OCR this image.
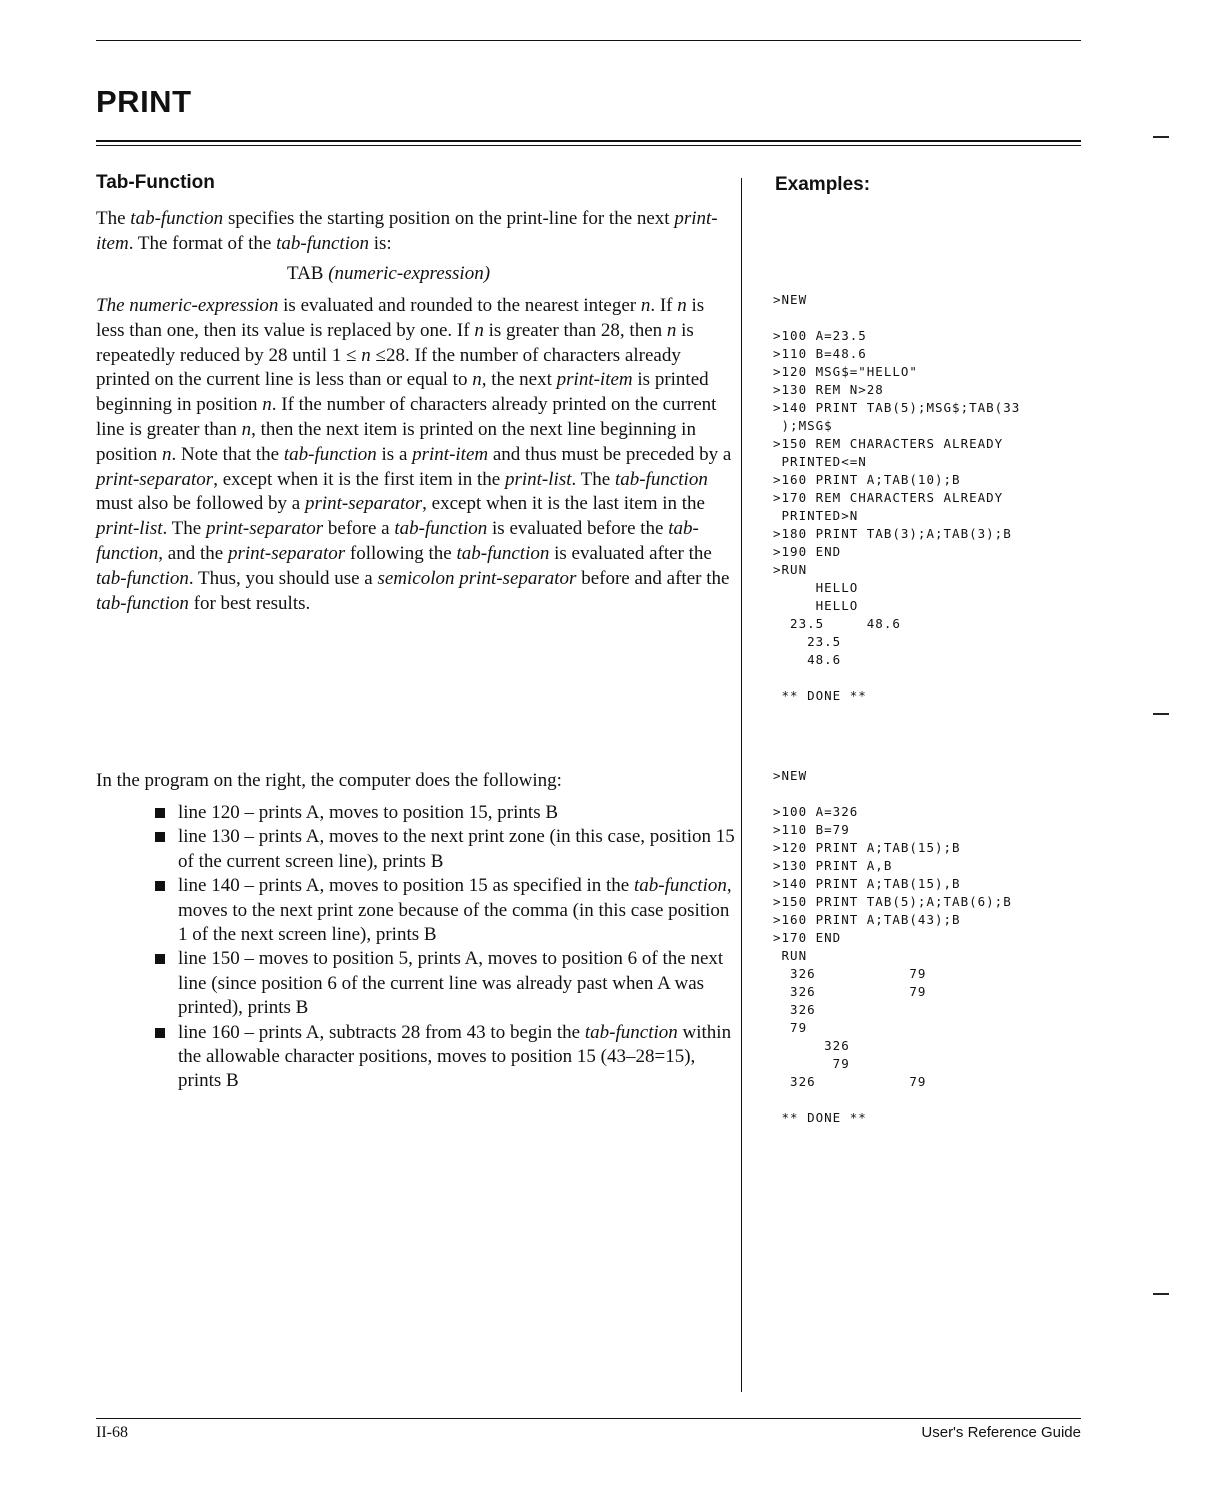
PRINT
Tab-Function
The tab-function specifies the starting position on the print-line for the next print-item. The format of the tab-function is:
TAB (numeric-expression)
The numeric-expression is evaluated and rounded to the nearest integer n. If n is less than one, then its value is replaced by one. If n is greater than 28, then n is repeatedly reduced by 28 until 1 ≤ n ≤28. If the number of characters already printed on the current line is less than or equal to n, the next print-item is printed beginning in position n. If the number of characters already printed on the current line is greater than n, then the next item is printed on the next line beginning in position n. Note that the tab-function is a print-item and thus must be preceded by a print-separator, except when it is the first item in the print-list. The tab-function must also be followed by a print-separator, except when it is the last item in the print-list. The print-separator before a tab-function is evaluated before the tab-function, and the print-separator following the tab-function is evaluated after the tab-function. Thus, you should use a semicolon print-separator before and after the tab-function for best results.
In the program on the right, the computer does the following:
line 120 – prints A, moves to position 15, prints B
line 130 – prints A, moves to the next print zone (in this case, position 15 of the current screen line), prints B
line 140 – prints A, moves to position 15 as specified in the tab-function, moves to the next print zone because of the comma (in this case position 1 of the next screen line), prints B
line 150 – moves to position 5, prints A, moves to position 6 of the next line (since position 6 of the current line was already past when A was printed), prints B
line 160 – prints A, subtracts 28 from 43 to begin the tab-function within the allowable character positions, moves to position 15 (43–28=15), prints B
Examples:
>NEW

>100 A=23.5
>110 B=48.6
>120 MSG$="HELLO"
>130 REM N>28
>140 PRINT TAB(5);MSG$;TAB(33
);MSG$
>150 REM CHARACTERS ALREADY
PRINTED<=N
>160 PRINT A;TAB(10);B
>170 REM CHARACTERS ALREADY
PRINTED>N
>180 PRINT TAB(3);A;TAB(3);B
>190 END
>RUN
HELLO
HELLO
23.5     48.6
23.5
48.6

** DONE **
>NEW

>100 A=326
>110 B=79
>120 PRINT A;TAB(15);B
>130 PRINT A,B
>140 PRINT A;TAB(15),B
>150 PRINT TAB(5);A;TAB(6);B
>160 PRINT A;TAB(43);B
>170 END
RUN
326           79
326           79
326
79
326
79
326           79

** DONE **
II-68	User's Reference Guide
